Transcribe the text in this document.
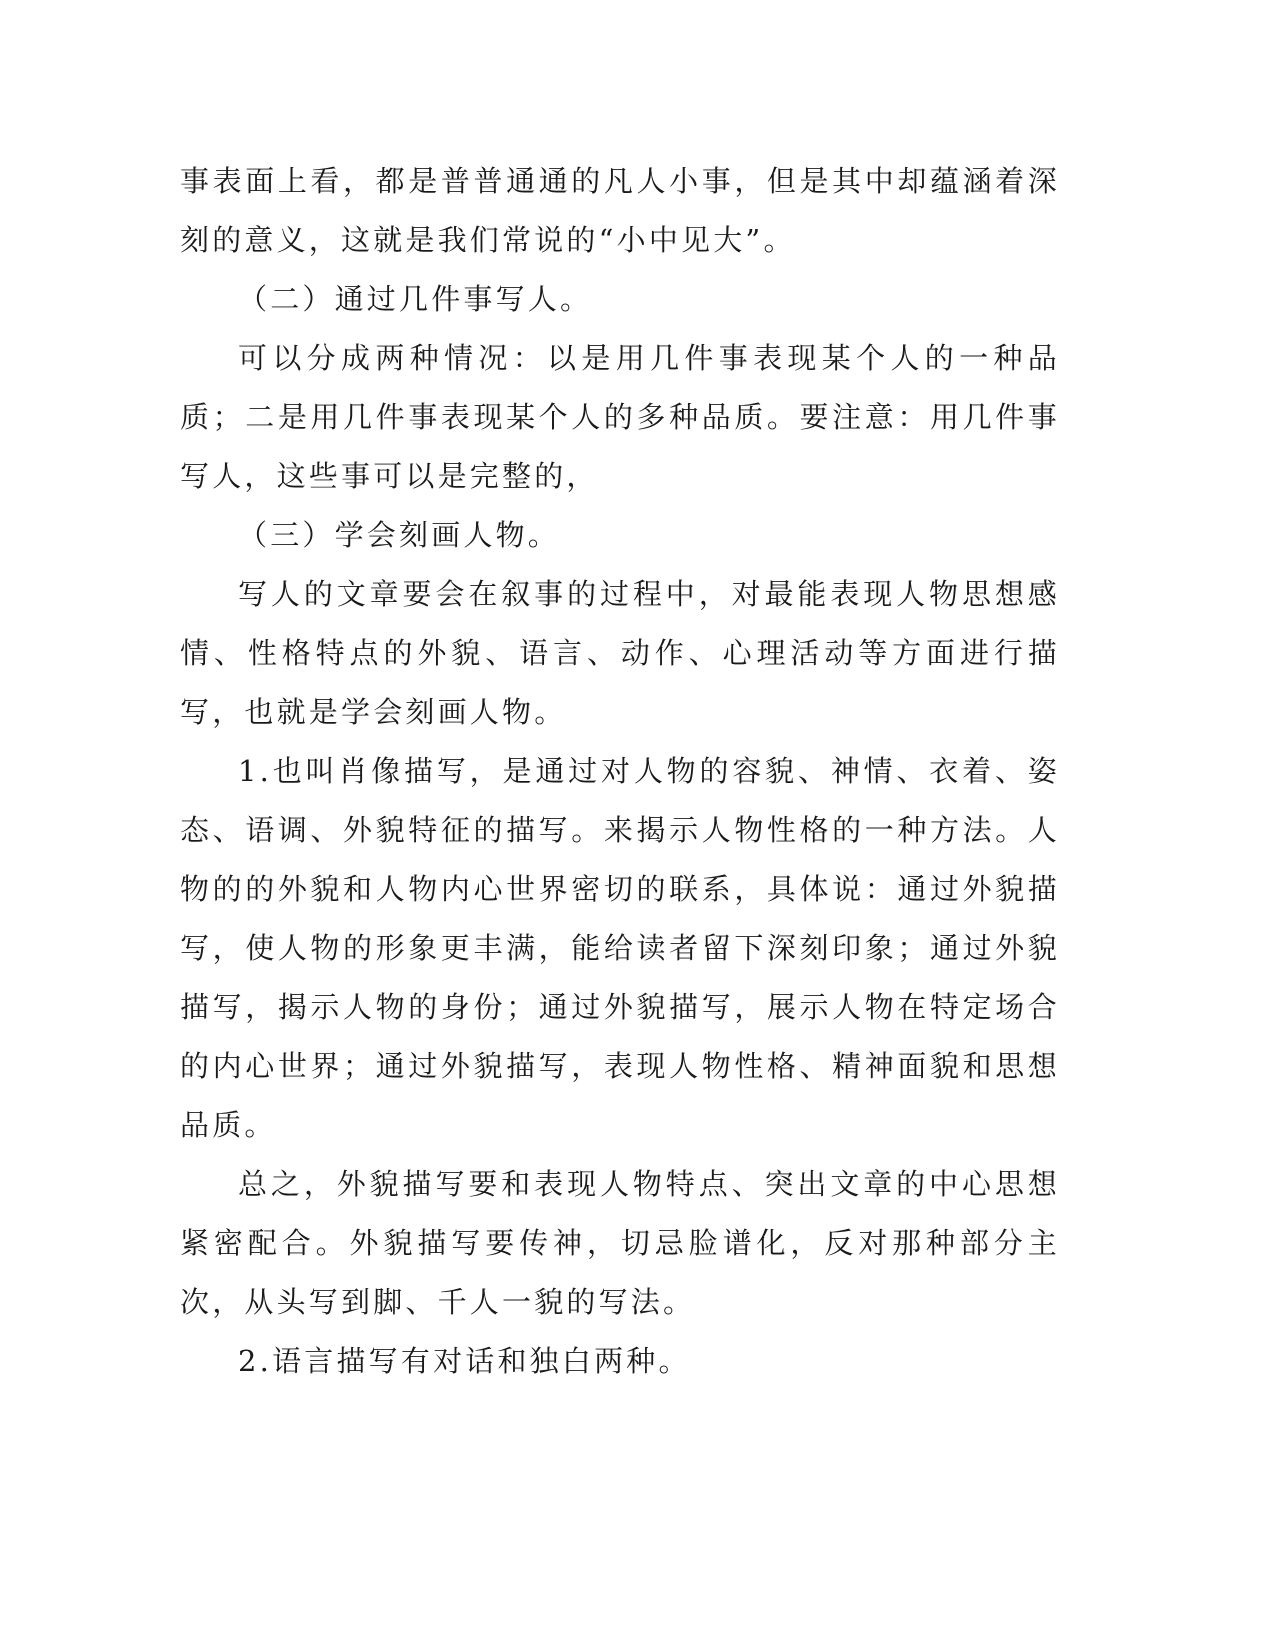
事表面上看，都是普普通通的凡人小事，但是其中却蕴涵着深刻的意义，这就是我们常说的“小中见大”。

（二）通过几件事写人。

可以分成两种情况：以是用几件事表现某个人的一种品质；二是用几件事表现某个人的多种品质。要注意：用几件事写人，这些事可以是完整的，

（三）学会刻画人物。

写人的文章要会在叙事的过程中，对最能表现人物思想感情、性格特点的外貌、语言、动作、心理活动等方面进行描写，也就是学会刻画人物。

1.也叫肖像描写，是通过对人物的容貌、神情、衣着、姿态、语调、外貌特征的描写。来揭示人物性格的一种方法。人物的的外貌和人物内心世界密切的联系，具体说：通过外貌描写，使人物的形象更丰满，能给读者留下深刻印象；通过外貌描写，揭示人物的身份；通过外貌描写，展示人物在特定场合的内心世界；通过外貌描写，表现人物性格、精神面貌和思想品质。

总之，外貌描写要和表现人物特点、突出文章的中心思想紧密配合。外貌描写要传神，切忌脸谱化，反对那种部分主次，从头写到脚、千人一貌的写法。

2.语言描写有对话和独白两种。
